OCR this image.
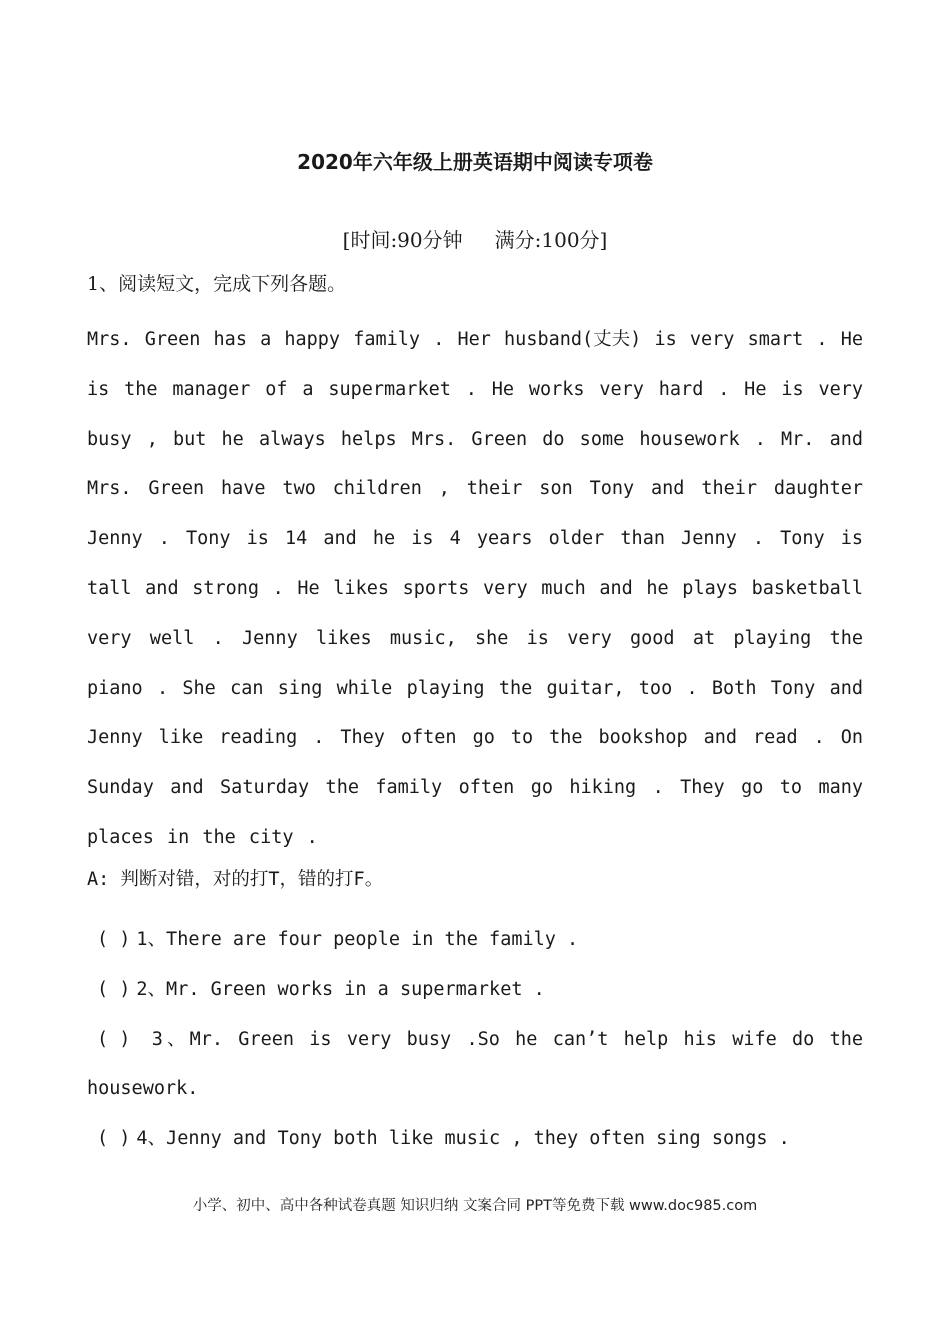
2020年六年级上册英语期中阅读专项卷
[时间:90分钟 满分:100分]
1、阅读短文，完成下列各题。

Mrs. Green has a happy family . Her husband(丈夫) is very smart . He is the manager of a supermarket . He works very hard . He is very busy , but he always helps Mrs. Green do some housework . Mr. and Mrs. Green have two children , their son Tony and their daughter Jenny . Tony is 14 and he is 4 years older than Jenny . Tony is tall and strong . He likes sports very much and he plays basketball very well . Jenny likes music, she is very good at playing the piano . She can sing while playing the guitar, too . Both Tony and Jenny like reading . They often go to the bookshop and read . On Sunday and Saturday the family often go hiking . They go to many places in the city .

A: 判断对错，对的打T，错的打F。
( ) 1、There are four people in the family .
( ) 2、Mr. Green works in a supermarket .
( ) 3、Mr. Green is very busy .So he can’t help his wife do the housework.
( ) 4、Jenny and Tony both like music , they often sing songs .
小学、初中、高中各种试卷真题 知识归纳 文案合同 PPT等免费下载 www.doc985.com
